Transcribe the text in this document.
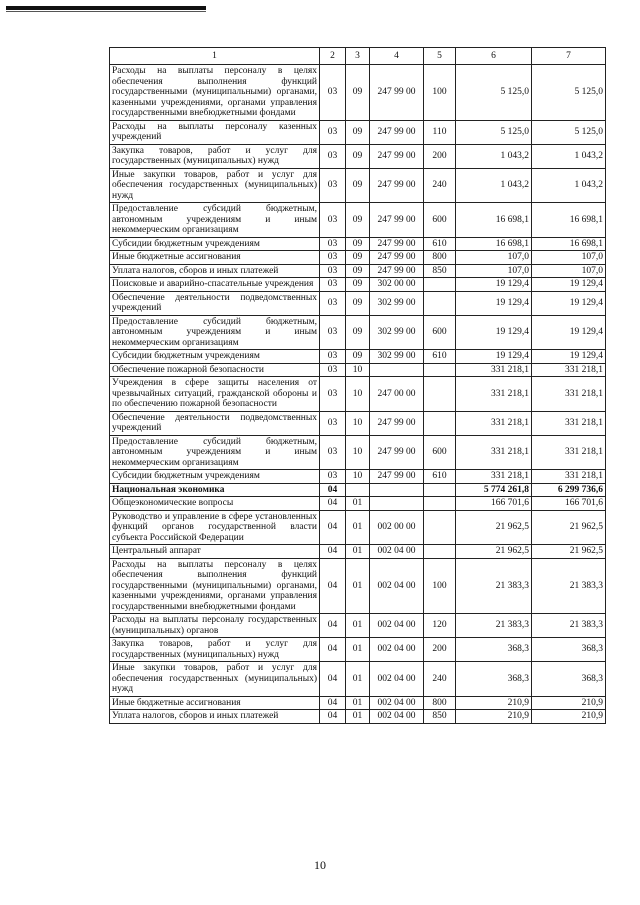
1	2	3	4	5	6	7
Расходы на выплаты персоналу в целях обеспечения выполнения функций государственными (муниципальными) органами, казенными учреждениями, органами управления государственными внебюджетными фондами	03	09	247 99 00	100	5 125,0	5 125,0
Расходы на выплаты персоналу казенных учреждений	03	09	247 99 00	110	5 125,0	5 125,0
Закупка товаров, работ и услуг для государственных (муниципальных) нужд	03	09	247 99 00	200	1 043,2	1 043,2
Иные закупки товаров, работ и услуг для обеспечения государственных (муниципальных) нужд	03	09	247 99 00	240	1 043,2	1 043,2
Предоставление субсидий бюджетным, автономным учреждениям и иным некоммерческим организациям	03	09	247 99 00	600	16 698,1	16 698,1
Субсидии бюджетным учреждениям	03	09	247 99 00	610	16 698,1	16 698,1
Иные бюджетные ассигнования	03	09	247 99 00	800	107,0	107,0
Уплата налогов, сборов и иных платежей	03	09	247 99 00	850	107,0	107,0
Поисковые и аварийно-спасательные учреждения	03	09	302 00 00		19 129,4	19 129,4
Обеспечение деятельности подведомственных учреждений	03	09	302 99 00		19 129,4	19 129,4
Предоставление субсидий бюджетным, автономным учреждениям и иным некоммерческим организациям	03	09	302 99 00	600	19 129,4	19 129,4
Субсидии бюджетным учреждениям	03	09	302 99 00	610	19 129,4	19 129,4
Обеспечение пожарной безопасности	03	10			331 218,1	331 218,1
Учреждения в сфере защиты населения от чрезвычайных ситуаций, гражданской обороны и по обеспечению пожарной безопасности	03	10	247 00 00		331 218,1	331 218,1
Обеспечение деятельности подведомственных учреждений	03	10	247 99 00		331 218,1	331 218,1
Предоставление субсидий бюджетным, автономным учреждениям и иным некоммерческим организациям	03	10	247 99 00	600	331 218,1	331 218,1
Субсидии бюджетным учреждениям	03	10	247 99 00	610	331 218,1	331 218,1
Национальная экономика	04				5 774 261,8	6 299 736,6
Общеэкономические вопросы	04	01			166 701,6	166 701,6
Руководство и управление в сфере установленных функций органов государственной власти субъекта Российской Федерации	04	01	002 00 00		21 962,5	21 962,5
Центральный аппарат	04	01	002 04 00		21 962,5	21 962,5
Расходы на выплаты персоналу в целях обеспечения выполнения функций государственными (муниципальными) органами, казенными учреждениями, органами управления государственными внебюджетными фондами	04	01	002 04 00	100	21 383,3	21 383,3
Расходы на выплаты персоналу государственных (муниципальных) органов	04	01	002 04 00	120	21 383,3	21 383,3
Закупка товаров, работ и услуг для государственных (муниципальных) нужд	04	01	002 04 00	200	368,3	368,3
Иные закупки товаров, работ и услуг для обеспечения государственных (муниципальных) нужд	04	01	002 04 00	240	368,3	368,3
Иные бюджетные ассигнования	04	01	002 04 00	800	210,9	210,9
Уплата налогов, сборов и иных платежей	04	01	002 04 00	850	210,9	210,9
10
